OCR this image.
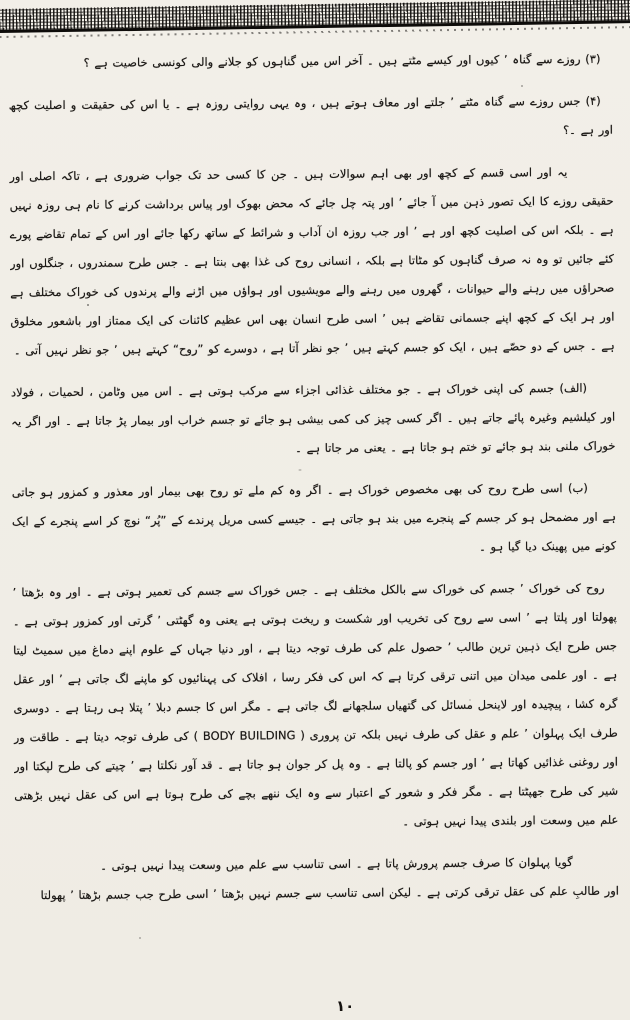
(۳) روزے سے گناہ ’ کیوں اور کیسے مٹتے ہیں ۔ آخر اس میں گناہوں کو جلانے والی کونسی خاصیت ہے ؟

(۴) جس روزے سے گناہ مٹتے ’ جلتے اور معاف ہوتے ہیں ، وہ یہی روایتی روزہ ہے ۔ یا اس کی حقیقت و اصلیت کچھ اور ہے ۔؟

یہ اور اسی قسم کے کچھ اور بھی اہم سوالات ہیں ۔ جن کا کسی حد تک جواب ضروری ہے ، تاکہ اصلی اور حقیقی روزے کا ایک تصور ذہن میں آ جائے ’ اور پتہ چل جائے کہ محض بھوک اور پیاس برداشت کرنے کا نام ہی روزہ نہیں ہے ۔ بلکہ اس کی اصلیت کچھ اور ہے ’ اور جب روزہ ان آداب و شرائط کے ساتھ رکھا جائے اور اس کے تمام تقاضے پورے کئے جائیں تو وہ نہ صرف گناہوں کو مٹاتا ہے بلکہ ، انسانی روح کی غذا بھی بنتا ہے ۔ جس طرح سمندروں ، جنگلوں اور صحراؤں میں رہنے والے حیوانات ، گھروں میں رہنے والے مویشیوں اور ہواؤں میں اڑنے والے پرندوں کی خوراک مختلف ہے اور ہر ایک کے کچھ اپنے جسمانی تقاضے ہیں ’ اسی طرح انسان بھی اس عظیم کائنات کی ایک ممتاز اور باشعور مخلوق ہے ۔ جس کے دو حصّے ہیں ، ایک کو جسم کہتے ہیں ’ جو نظر آتا ہے ، دوسرے کو ”روح“ کہتے ہیں ’ جو نظر نہیں آتی ۔

(الف) جسم کی اپنی خوراک ہے ۔ جو مختلف غذائی اجزاء سے مرکب ہوتی ہے ۔ اس میں وٹامن ، لحمیات ، فولاد اور کیلشیم وغیرہ پائے جاتے ہیں ۔ اگر کسی چیز کی کمی بیشی ہو جائے تو جسم خراب اور بیمار پڑ جاتا ہے ۔ اور اگر یہ خوراک ملنی بند ہو جائے تو ختم ہو جاتا ہے ۔ یعنی مر جاتا ہے ۔

(ب) اسی طرح روح کی بھی مخصوص خوراک ہے ۔ اگر وہ کم ملے تو روح بھی بیمار اور معذور و کمزور ہو جاتی ہے اور مضمحل ہو کر جسم کے پنجرے میں بند ہو جاتی ہے ۔ جیسے کسی مریل پرندے کے ”پُر“ نوچ کر اسے پنجرے کے ایک کونے میں پھینک دیا گیا ہو ۔

روح کی خوراک ’ جسم کی خوراک سے بالکل مختلف ہے ۔ جس خوراک سے جسم کی تعمیر ہوتی ہے ۔ اور وہ بڑھتا ’ پھولتا اور پلتا ہے ’ اسی سے روح کی تخریب اور شکست و ریخت ہوتی ہے یعنی وہ گھٹتی ’ گرتی اور کمزور ہوتی ہے ۔ جس طرح ایک ذہین ترین طالب ’ حصول علم کی طرف توجہ دیتا ہے ، اور دنیا جہاں کے علوم اپنے دماغ میں سمیٹ لیتا ہے ۔ اور علمی میدان میں اتنی ترقی کرتا ہے کہ اس کی فکر رسا ، افلاک کی پہنائیوں کو ماپنے لگ جاتی ہے ’ اور عقل گرہ کشا ، پیچیدہ اور لاینحل مسائل کی گتھیاں سلجھانے لگ جاتی ہے ۔ مگر اس کا جسم دبلا ’ پتلا ہی رہتا ہے ۔ دوسری طرف ایک پہلوان ’ علم و عقل کی طرف نہیں بلکہ تن پروری ( BODY BUILDING ) کی طرف توجہ دیتا ہے ۔ طاقت ور اور روغنی غذائیں کھاتا ہے ’ اور جسم کو پالتا ہے ۔ وہ پل کر جوان ہو جاتا ہے ۔ قد آور نکلتا ہے ’ چیتے کی طرح لپکتا اور شیر کی طرح جھپٹتا ہے ۔ مگر فکر و شعور کے اعتبار سے وہ ایک ننھے بچے کی طرح ہوتا ہے اس کی عقل نہیں بڑھتی علم میں وسعت اور بلندی پیدا نہیں ہوتی ۔

گویا پہلوان کا صرف جسم پرورش پاتا ہے ۔ اسی تناسب سے علم میں وسعت پیدا نہیں ہوتی ۔

اور طالبِ علم کی عقل ترقی کرتی ہے ۔ لیکن اسی تناسب سے جسم نہیں بڑھتا ’ اسی طرح جب جسم بڑھتا ’ پھولتا

۱۰
